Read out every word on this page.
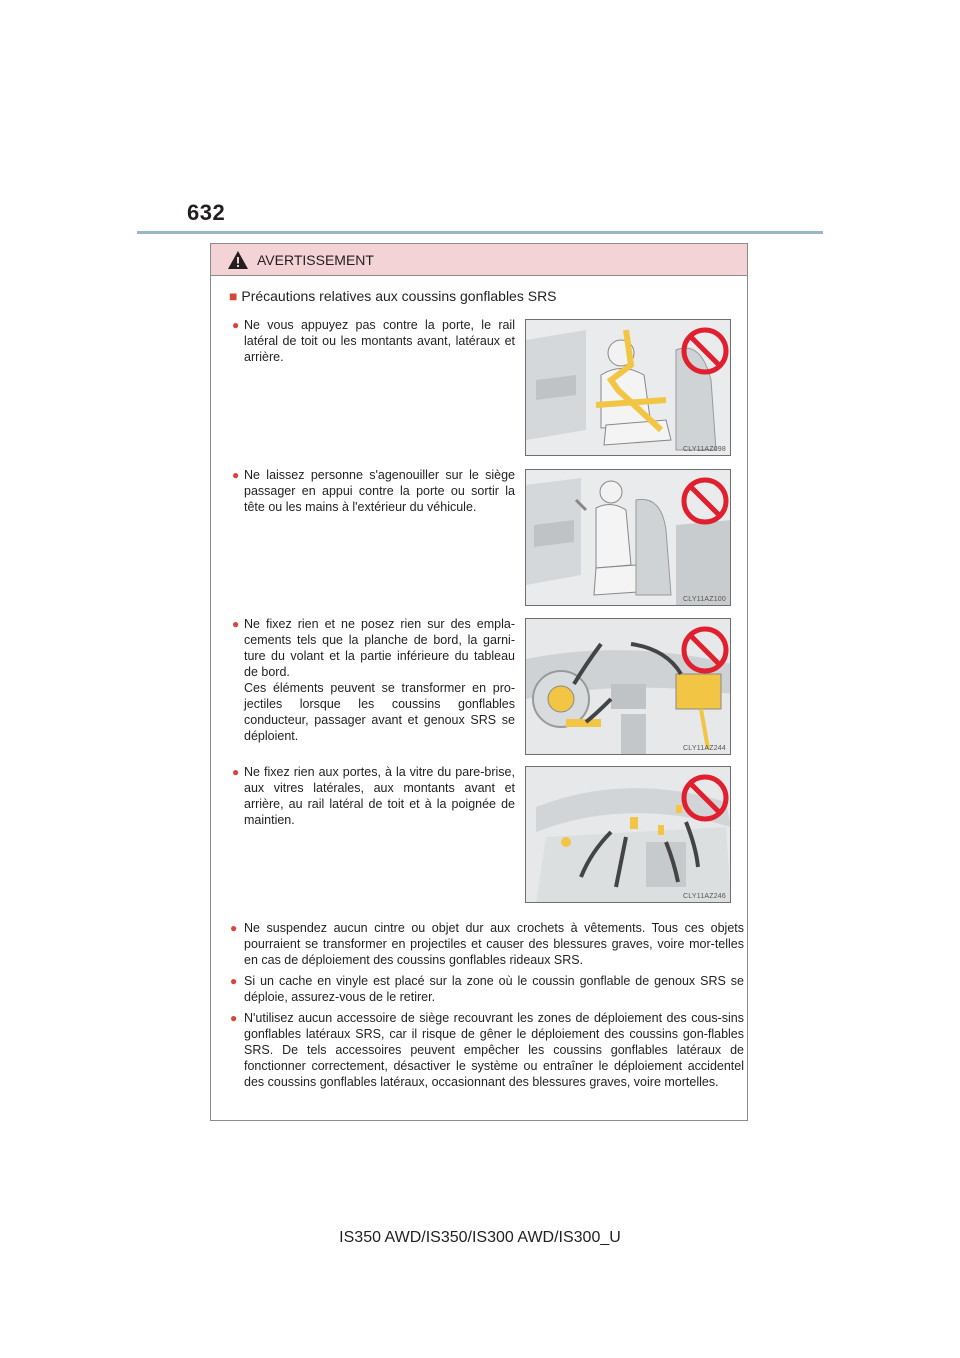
632
AVERTISSEMENT
■ Précautions relatives aux coussins gonflables SRS
● Ne vous appuyez pas contre la porte, le rail latéral de toit ou les montants avant, latéraux et arrière.
CLY11AZ098
● Ne laissez personne s'agenouiller sur le siège passager en appui contre la porte ou sortir la tête ou les mains à l'extérieur du véhicule.
CLY11AZ100
● Ne fixez rien et ne posez rien sur des empla-cements tels que la planche de bord, la garni-ture du volant et la partie inférieure du tableau de bord.
Ces éléments peuvent se transformer en pro-jectiles lorsque les coussins gonflables conducteur, passager avant et genoux SRS se déploient.
CLY11AZ244
● Ne fixez rien aux portes, à la vitre du pare-brise, aux vitres latérales, aux montants avant et arrière, au rail latéral de toit et à la poignée de maintien.
CLY11AZ246
● Ne suspendez aucun cintre ou objet dur aux crochets à vêtements. Tous ces objets pourraient se transformer en projectiles et causer des blessures graves, voire mor-telles en cas de déploiement des coussins gonflables rideaux SRS.
● Si un cache en vinyle est placé sur la zone où le coussin gonflable de genoux SRS se déploie, assurez-vous de le retirer.
● N'utilisez aucun accessoire de siège recouvrant les zones de déploiement des cous-sins gonflables latéraux SRS, car il risque de gêner le déploiement des coussins gon-flables SRS. De tels accessoires peuvent empêcher les coussins gonflables latéraux de fonctionner correctement, désactiver le système ou entraîner le déploiement accidentel des coussins gonflables latéraux, occasionnant des blessures graves, voire mortelles.
IS350 AWD/IS350/IS300 AWD/IS300_U
